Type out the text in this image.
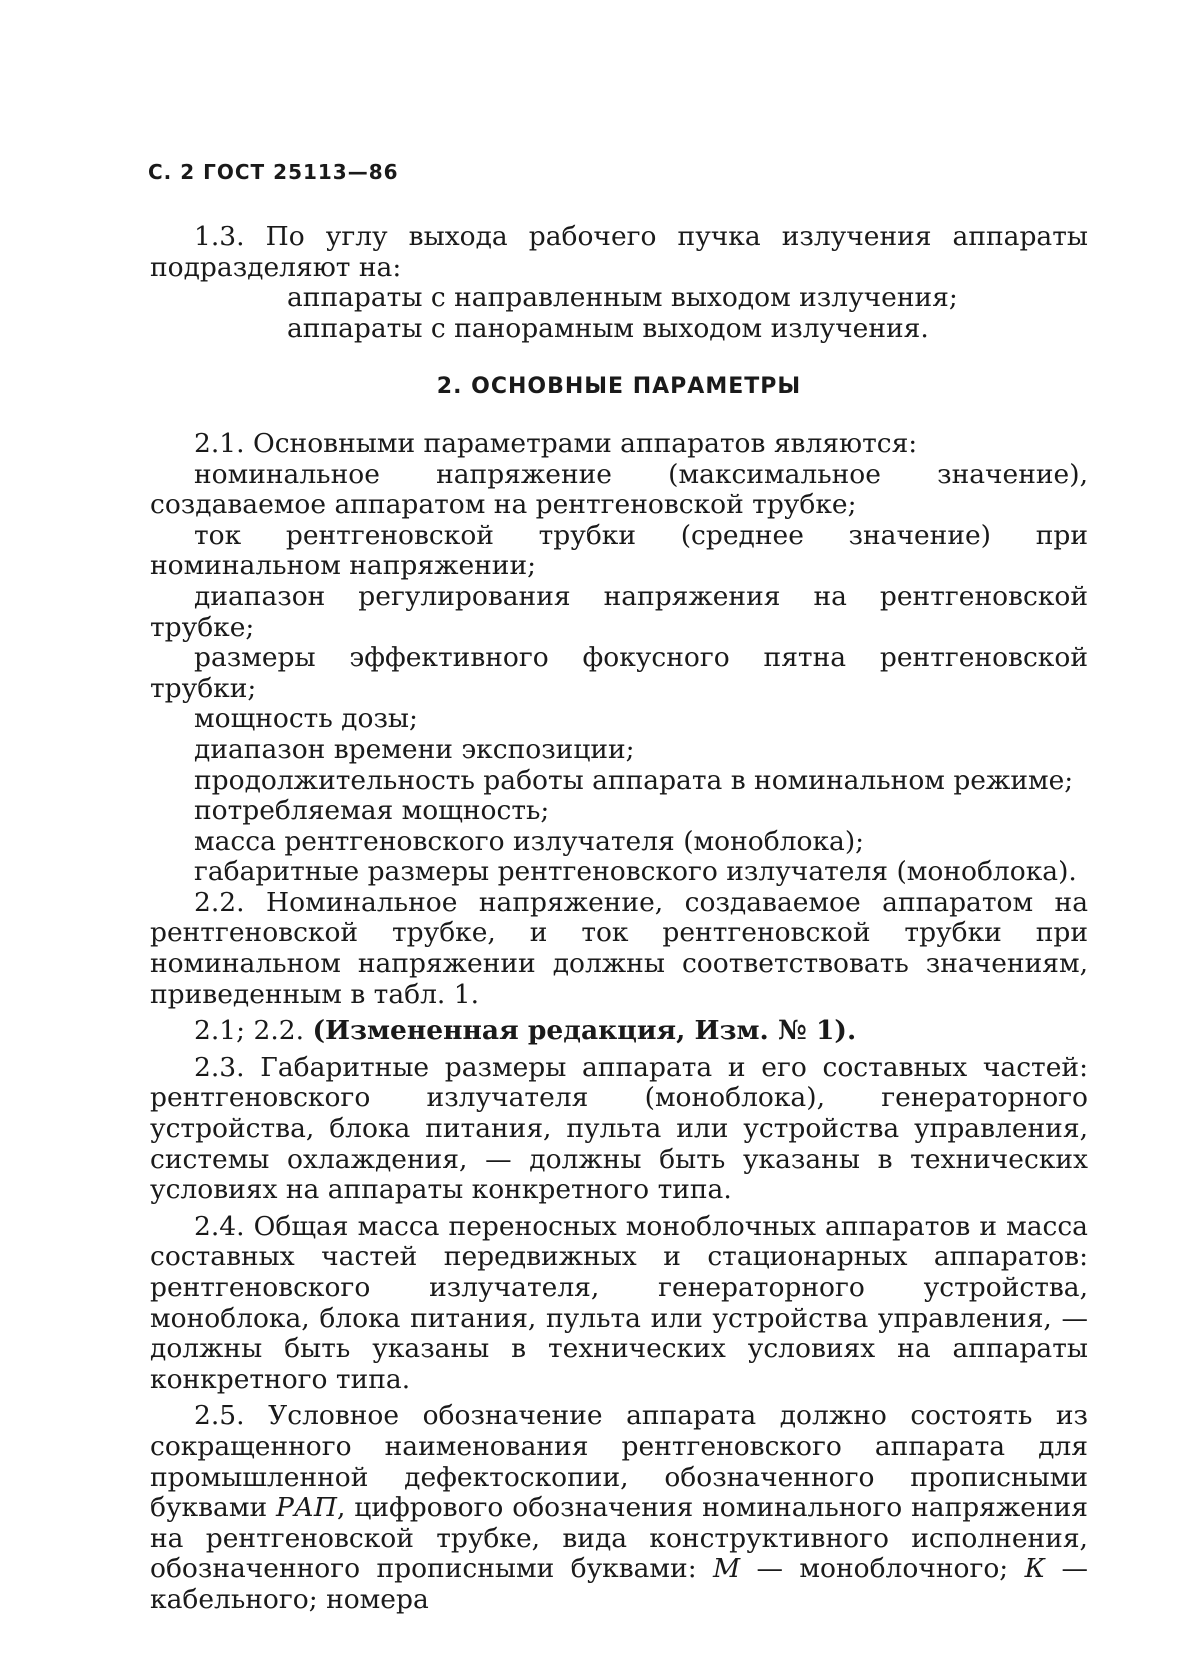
С. 2 ГОСТ 25113—86

1.3. По углу выхода рабочего пучка излучения аппараты подразделяют на:

аппараты с направленным выходом излучения;

аппараты с панорамным выходом излучения.

2. ОСНОВНЫЕ ПАРАМЕТРЫ

2.1. Основными параметрами аппаратов являются:

номинальное напряжение (максимальное значение), создаваемое аппаратом на рентгеновской трубке;

ток рентгеновской трубки (среднее значение) при номинальном напряжении;

диапазон регулирования напряжения на рентгеновской трубке;

размеры эффективного фокусного пятна рентгеновской трубки;

мощность дозы;

диапазон времени экспозиции;

продолжительность работы аппарата в номинальном режиме;

потребляемая мощность;

масса рентгеновского излучателя (моноблока);

габаритные размеры рентгеновского излучателя (моноблока).

2.2. Номинальное напряжение, создаваемое аппаратом на рентгеновской трубке, и ток рентгеновской трубки при номинальном напряжении должны соответствовать значениям, приведенным в табл. 1.

2.1; 2.2. (Измененная редакция, Изм. № 1).

2.3. Габаритные размеры аппарата и его составных частей: рентгеновского излучателя (моноблока), генераторного устройства, блока питания, пульта или устройства управления, системы охлаждения, — должны быть указаны в технических условиях на аппараты конкретного типа.

2.4. Общая масса переносных моноблочных аппаратов и масса составных частей передвижных и стационарных аппаратов: рентгеновского излучателя, генераторного устройства, моноблока, блока питания, пульта или устройства управления, — должны быть указаны в технических условиях на аппараты конкретного типа.

2.5. Условное обозначение аппарата должно состоять из сокращенного наименования рентгеновского аппарата для промышленной дефектоскопии, обозначенного прописными буквами РАП, цифрового обозначения номинального напряжения на рентгеновской трубке, вида конструктивного исполнения, обозначенного прописными буквами: М — моноблочного; К — кабельного; номера
